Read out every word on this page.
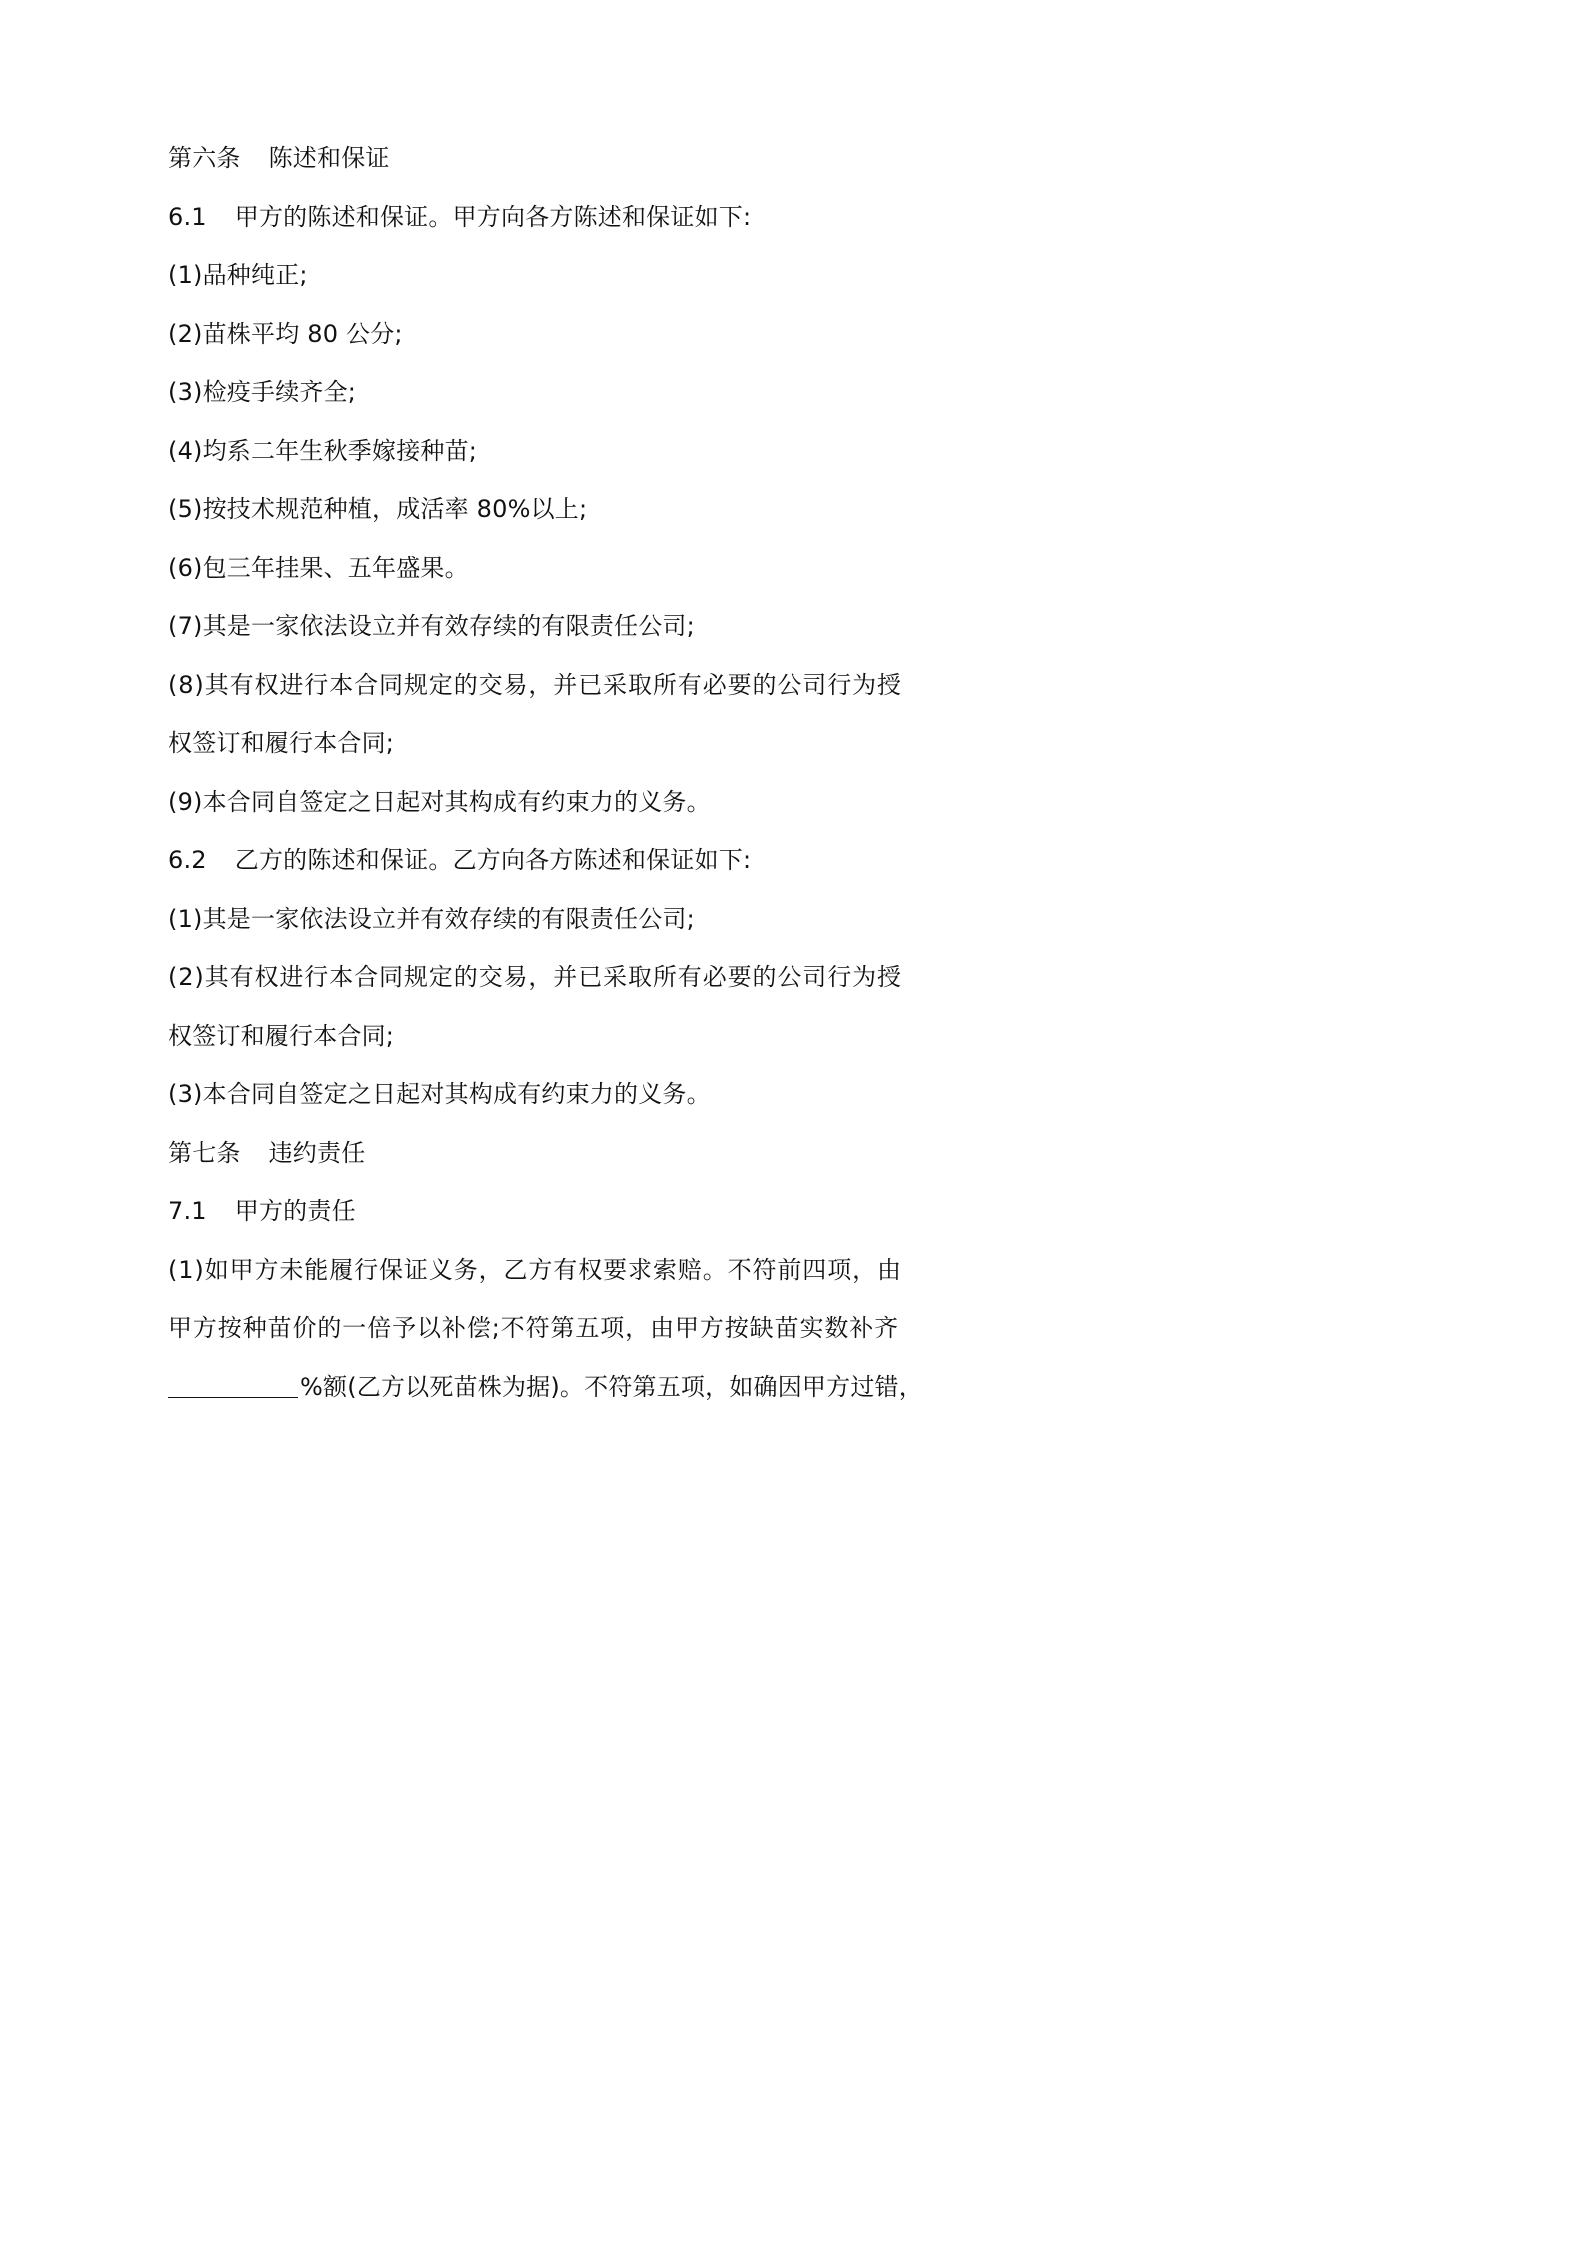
第六条 陈述和保证
6.1 甲方的陈述和保证。甲方向各方陈述和保证如下:
(1)品种纯正;
(2)苗株平均 80 公分;
(3)检疫手续齐全;
(4)均系二年生秋季嫁接种苗;
(5)按技术规范种植，成活率 80%以上;
(6)包三年挂果、五年盛果。
(7)其是一家依法设立并有效存续的有限责任公司;
(8)其有权进行本合同规定的交易，并已采取所有必要的公司行为授
权签订和履行本合同;
(9)本合同自签定之日起对其构成有约束力的义务。
6.2 乙方的陈述和保证。乙方向各方陈述和保证如下:
(1)其是一家依法设立并有效存续的有限责任公司;
(2)其有权进行本合同规定的交易，并已采取所有必要的公司行为授
权签订和履行本合同;
(3)本合同自签定之日起对其构成有约束力的义务。
第七条 违约责任
7.1 甲方的责任
(1)如甲方未能履行保证义务，乙方有权要求索赔。不符前四项，由
甲方按种苗价的一倍予以补偿;不符第五项，由甲方按缺苗实数补齐
%额(乙方以死苗株为据)。不符第五项，如确因甲方过错，
